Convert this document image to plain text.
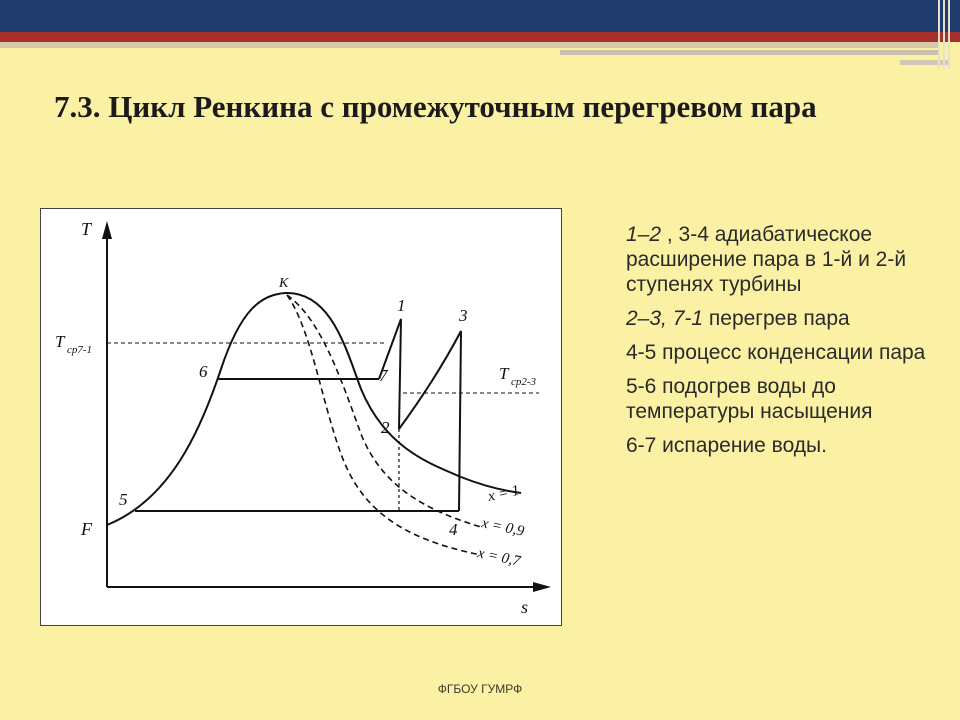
7.3. Цикл Ренкина с промежуточным перегревом пара
T
s
F
К
T ср7-1
T ср2-3
1
2
3
4
5
6	7
x = 1
x = 0,9
x = 0,7

1–2 , 3-4 адиабатическое расширение пара в 1-й и 2-й ступенях турбины

2–3, 7-1 перегрев пара

4-5 процесс конденсации пара

5-6 подогрев воды до температуры насыщения

6-7 испарение воды.

ФГБОУ ГУМРФ
